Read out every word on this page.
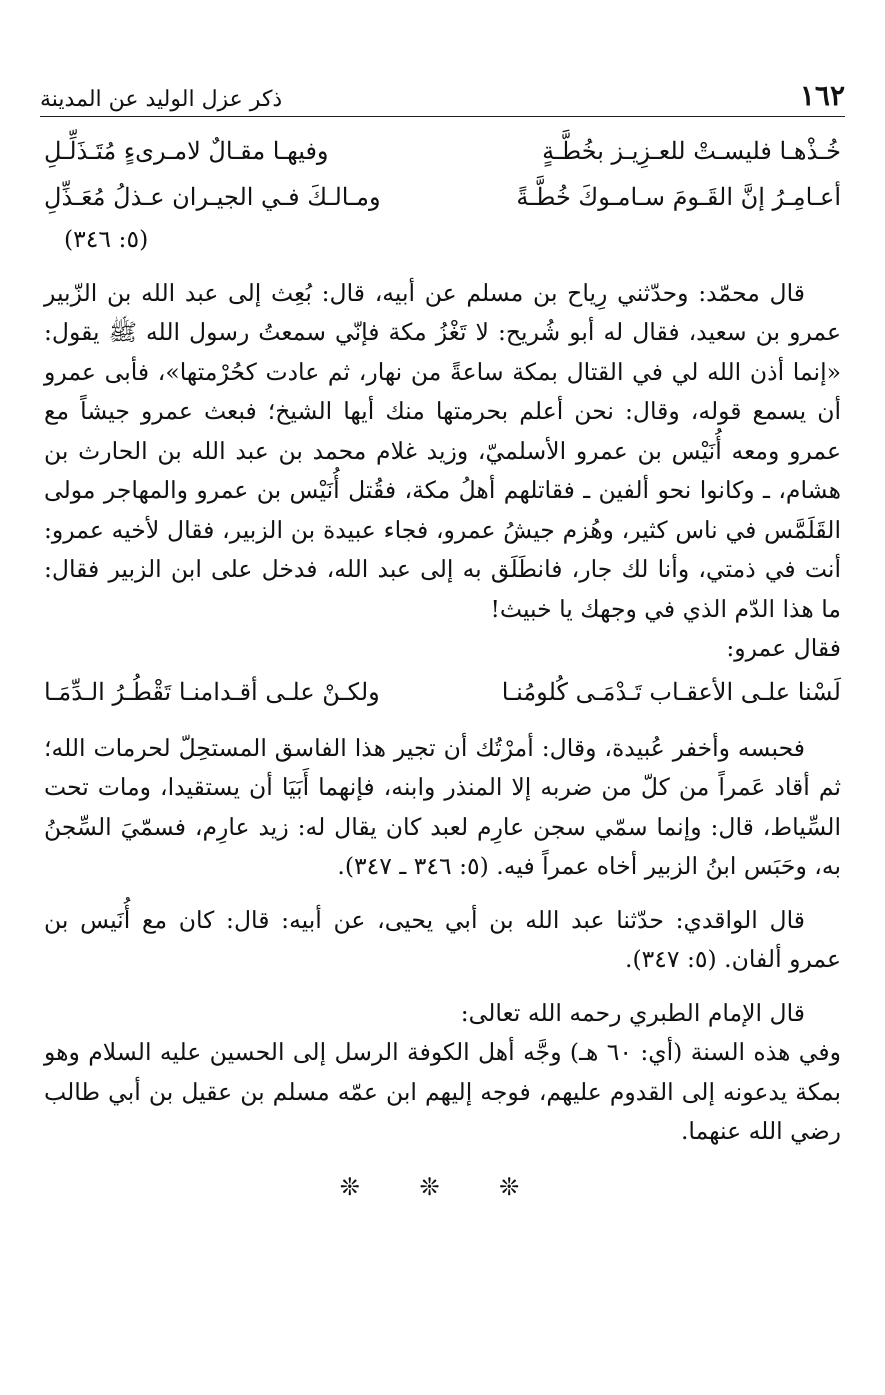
١٦٢
ذكر عزل الوليد عن المدينة
خُـذْهـا فليسـتْ للعـزِيـز بخُطَّـةٍ
وفيهـا مقـالٌ لامـرىءٍ مُتَـذَلِّـلِ
أعـامِـرُ إنَّ القَـومَ سـامـوكَ خُطَّـةً
ومـالـكَ فـي الجيـران عـذلُ مُعَـذِّلِ
(٥: ٣٤٦)

قال محمّد: وحدّثني رِياح بن مسلم عن أبيه، قال: بُعِث إلى عبد الله بن الزّبير عمرو بن سعيد، فقال له أبو شُريح: لا تَغْزُ مكة فإنّي سمعتُ رسول الله ﷺ يقول: «إنما أذن الله لي في القتال بمكة ساعةً من نهار، ثم عادت كحُرْمتها»، فأبى عمرو أن يسمع قوله، وقال: نحن أعلم بحرمتها منك أيها الشيخ؛ فبعث عمرو جيشاً مع عمرو ومعه أُنَيْس بن عمرو الأسلميّ، وزيد غلام محمد بن عبد الله بن الحارث بن هشام، ـ وكانوا نحو ألفين ـ فقاتلهم أهلُ مكة، فقُتل أُنَيْس بن عمرو والمهاجر مولى القَلَمَّس في ناس كثير، وهُزم جيشُ عمرو، فجاء عبيدة بن الزبير، فقال لأخيه عمرو: أنت في ذمتي، وأنا لك جار، فانطَلَق به إلى عبد الله، فدخل على ابن الزبير فقال: ما هذا الدّم الذي في وجهك يا خبيث!

فقال عمرو:

لَسْنا علـى الأعقـاب تَـدْمَـى كُلومُنـا
ولكـنْ علـى أقـدامنـا تَقْطُـرُ الـدِّمَـا

فحبسه وأخفر عُبيدة، وقال: أمرْتُك أن تجير هذا الفاسق المستحِلّ لحرمات الله؛ ثم أقاد عَمراً من كلّ من ضربه إلا المنذر وابنه، فإنهما أَبَيَا أن يستقيدا، ومات تحت السِّياط، قال: وإنما سمّي سجن عارِم لعبد كان يقال له: زيد عارِم، فسمّيَ السِّجنُ به، وحَبَس ابنُ الزبير أخاه عمراً فيه. (٥: ٣٤٦ ـ ٣٤٧).

قال الواقدي: حدّثنا عبد الله بن أبي يحيى، عن أبيه: قال: كان مع أُنَيس بن عمرو ألفان. (٥: ٣٤٧).

قال الإمام الطبري رحمه الله تعالى:

وفي هذه السنة (أي: ٦٠ هـ) وجَّه أهل الكوفة الرسل إلى الحسين عليه السلام وهو بمكة يدعونه إلى القدوم عليهم، فوجه إليهم ابن عمّه مسلم بن عقيل بن أبي طالب رضي الله عنهما.

❊ ❊ ❊
